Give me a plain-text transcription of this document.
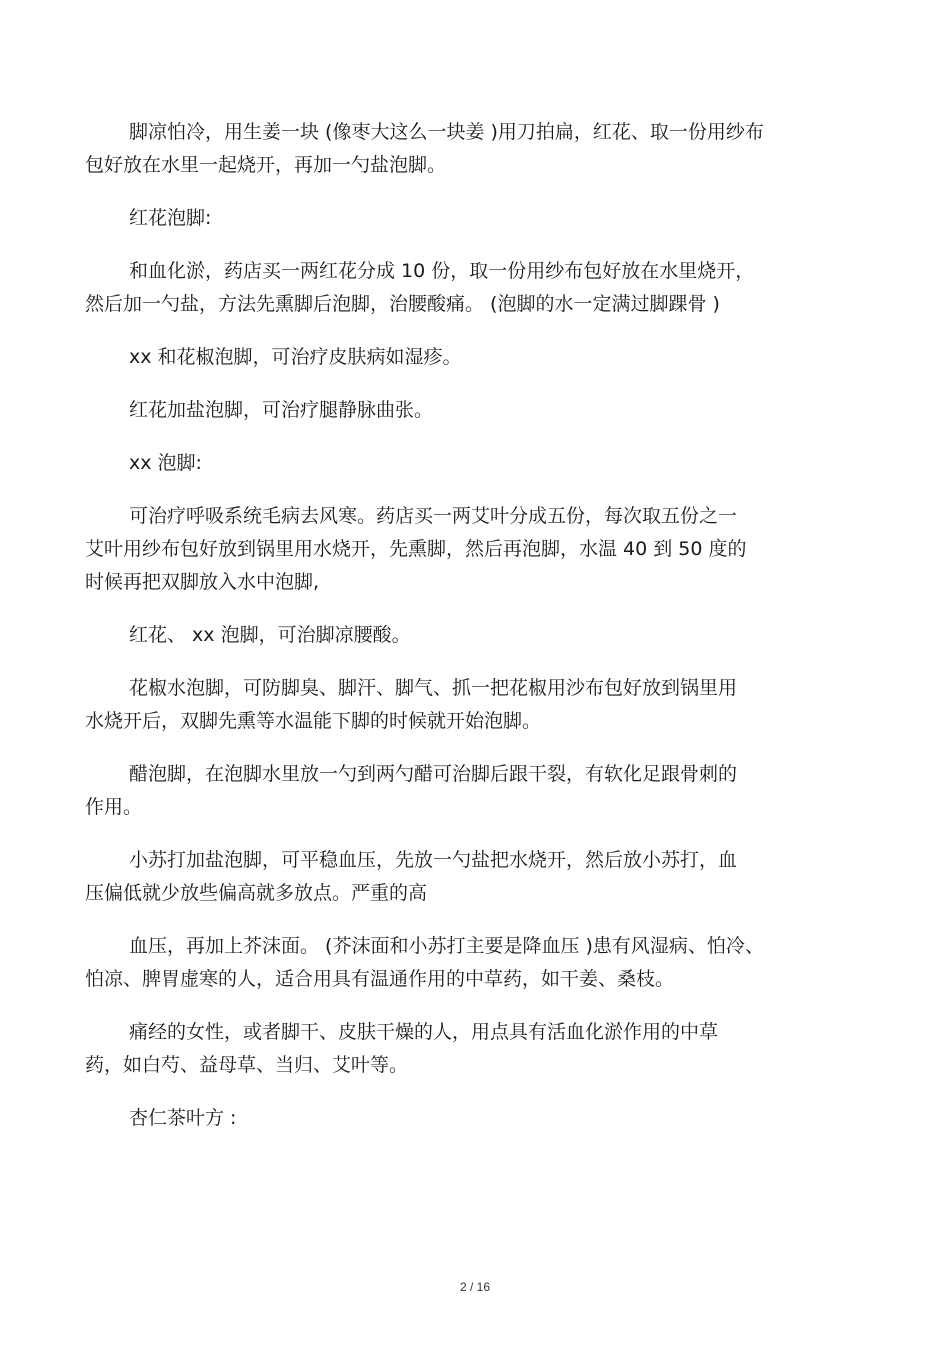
脚凉怕冷，用生姜一块 (像枣大这么一块姜 )用刀拍扁，红花、取一份用纱布
包好放在水里一起烧开，再加一勺盐泡脚。

红花泡脚:

和血化淤，药店买一两红花分成 10 份，取一份用纱布包好放在水里烧开，
然后加一勺盐，方法先熏脚后泡脚，治腰酸痛。 (泡脚的水一定满过脚踝骨 )

xx 和花椒泡脚，可治疗皮肤病如湿疹。

红花加盐泡脚，可治疗腿静脉曲张。

xx 泡脚:

可治疗呼吸系统毛病去风寒。药店买一两艾叶分成五份，每次取五份之一
艾叶用纱布包好放到锅里用水烧开，先熏脚，然后再泡脚，水温 40 到 50 度的
时候再把双脚放入水中泡脚,

红花、 xx 泡脚，可治脚凉腰酸。

花椒水泡脚，可防脚臭、脚汗、脚气、抓一把花椒用沙布包好放到锅里用
水烧开后，双脚先熏等水温能下脚的时候就开始泡脚。

醋泡脚，在泡脚水里放一勺到两勺醋可治脚后跟干裂，有软化足跟骨刺的
作用。

小苏打加盐泡脚，可平稳血压，先放一勺盐把水烧开，然后放小苏打，血
压偏低就少放些偏高就多放点。严重的高

血压，再加上芥沫面。 (芥沫面和小苏打主要是降血压 )患有风湿病、怕冷、
怕凉、脾胃虚寒的人，适合用具有温通作用的中草药，如干姜、桑枝。

痛经的女性，或者脚干、皮肤干燥的人，用点具有活血化淤作用的中草
药，如白芍、益母草、当归、艾叶等。

杏仁茶叶方 :

2 / 16
